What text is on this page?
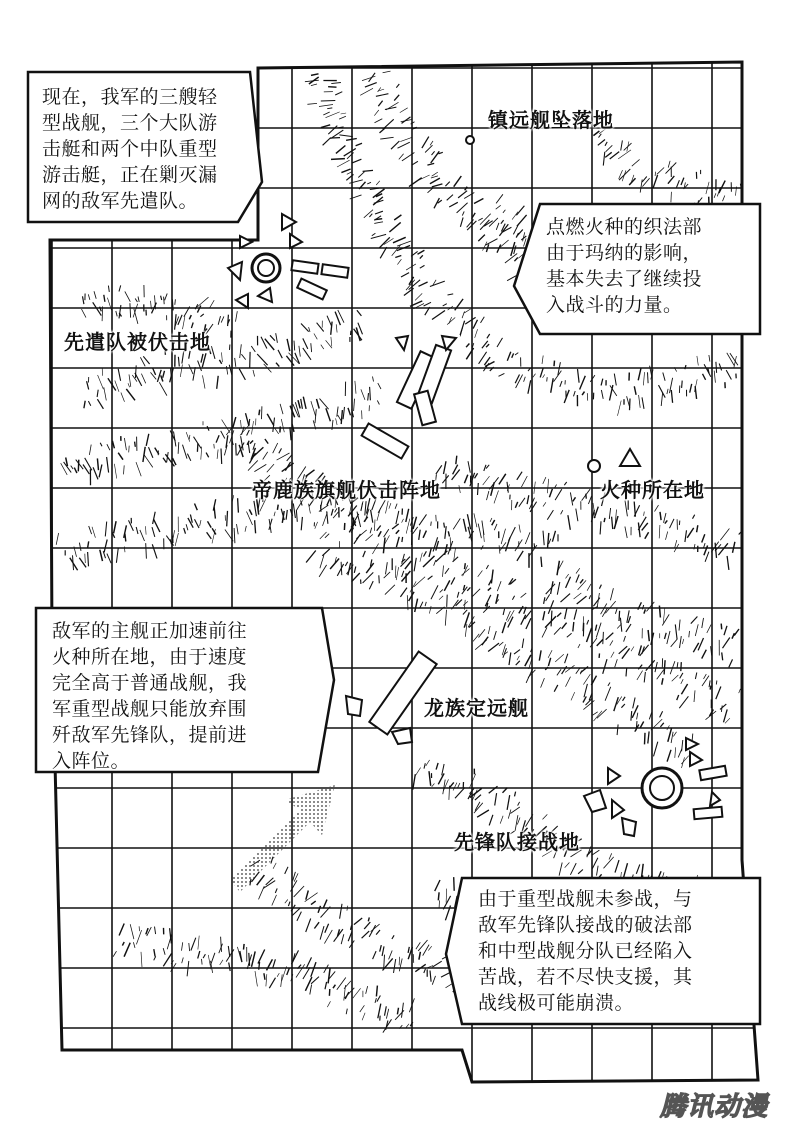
现在，我军的三艘轻
型战舰，三个大队游
击艇和两个中队重型
游击艇，正在剿灭漏
网的敌军先遣队。
点燃火种的织法部
由于玛纳的影响，
基本失去了继续投
入战斗的力量。
敌军的主舰正加速前往
火种所在地，由于速度
完全高于普通战舰，我
军重型战舰只能放弃围
歼敌军先锋队，提前进
入阵位。
由于重型战舰未参战，与
敌军先锋队接战的破法部
和中型战舰分队已经陷入
苦战，若不尽快支援，其
战线极可能崩溃。
镇远舰坠落地
先遣队被伏击地
帝鹿族旗舰伏击阵地	火种所在地
龙族定远舰
先锋队接战地
腾讯动漫
